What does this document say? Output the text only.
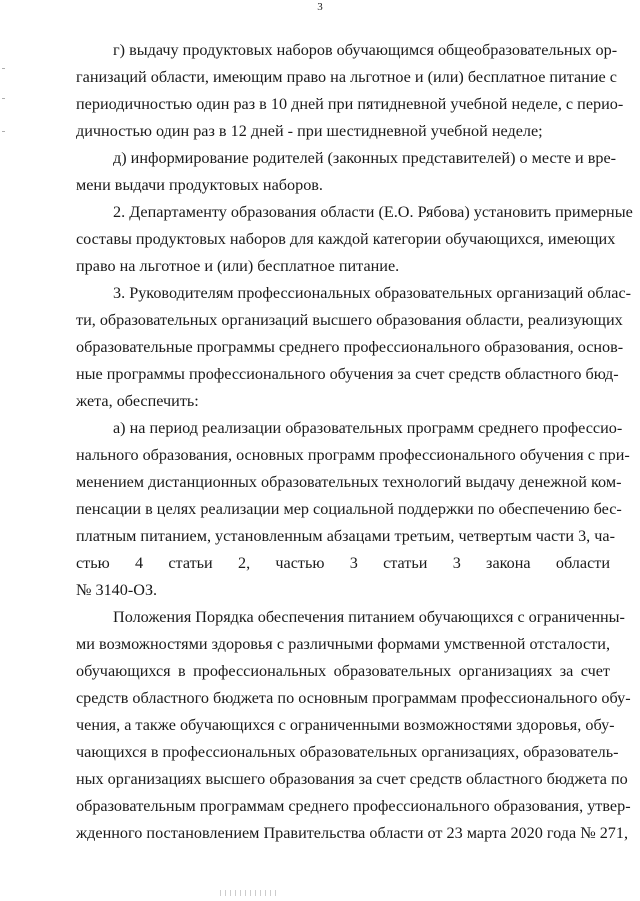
3
г) выдачу продуктовых наборов обучающимся общеобразовательных ор-
ганизаций области, имеющим право на льготное и (или) бесплатное питание с
периодичностью один раз в 10 дней при пятидневной учебной неделе, с перио-
дичностью один раз в 12 дней - при шестидневной учебной неделе;
д) информирование родителей (законных представителей) о месте и вре-
мени выдачи продуктовых наборов.
2. Департаменту образования области (Е.О. Рябова) установить примерные
составы продуктовых наборов для каждой категории обучающихся, имеющих
право на льготное и (или) бесплатное питание.
3. Руководителям профессиональных образовательных организаций облас-
ти, образовательных организаций высшего образования области, реализующих
образовательные программы среднего профессионального образования, основ-
ные программы профессионального обучения за счет средств областного бюд-
жета, обеспечить:
а) на период реализации образовательных программ среднего профессио-
нального образования, основных программ профессионального обучения с при-
менением дистанционных образовательных технологий выдачу денежной ком-
пенсации в целях реализации мер социальной поддержки по обеспечению бес-
платным питанием, установленным абзацами третьим, четвертым части 3, ча-
стью 4 статьи 2, частью 3 статьи 3 закона области
№ 3140-ОЗ.
Положения Порядка обеспечения питанием обучающихся с ограниченны-
ми возможностями здоровья с различными формами умственной отсталости,
обучающихся в профессиональных образовательных организациях за счет
средств областного бюджета по основным программам профессионального обу-
чения, а также обучающихся с ограниченными возможностями здоровья, обу-
чающихся в профессиональных образовательных организациях, образователь-
ных организациях высшего образования за счет средств областного бюджета по
образовательным программам среднего профессионального образования, утвер-
жденного постановлением Правительства области от 23 марта 2020 года № 271,
